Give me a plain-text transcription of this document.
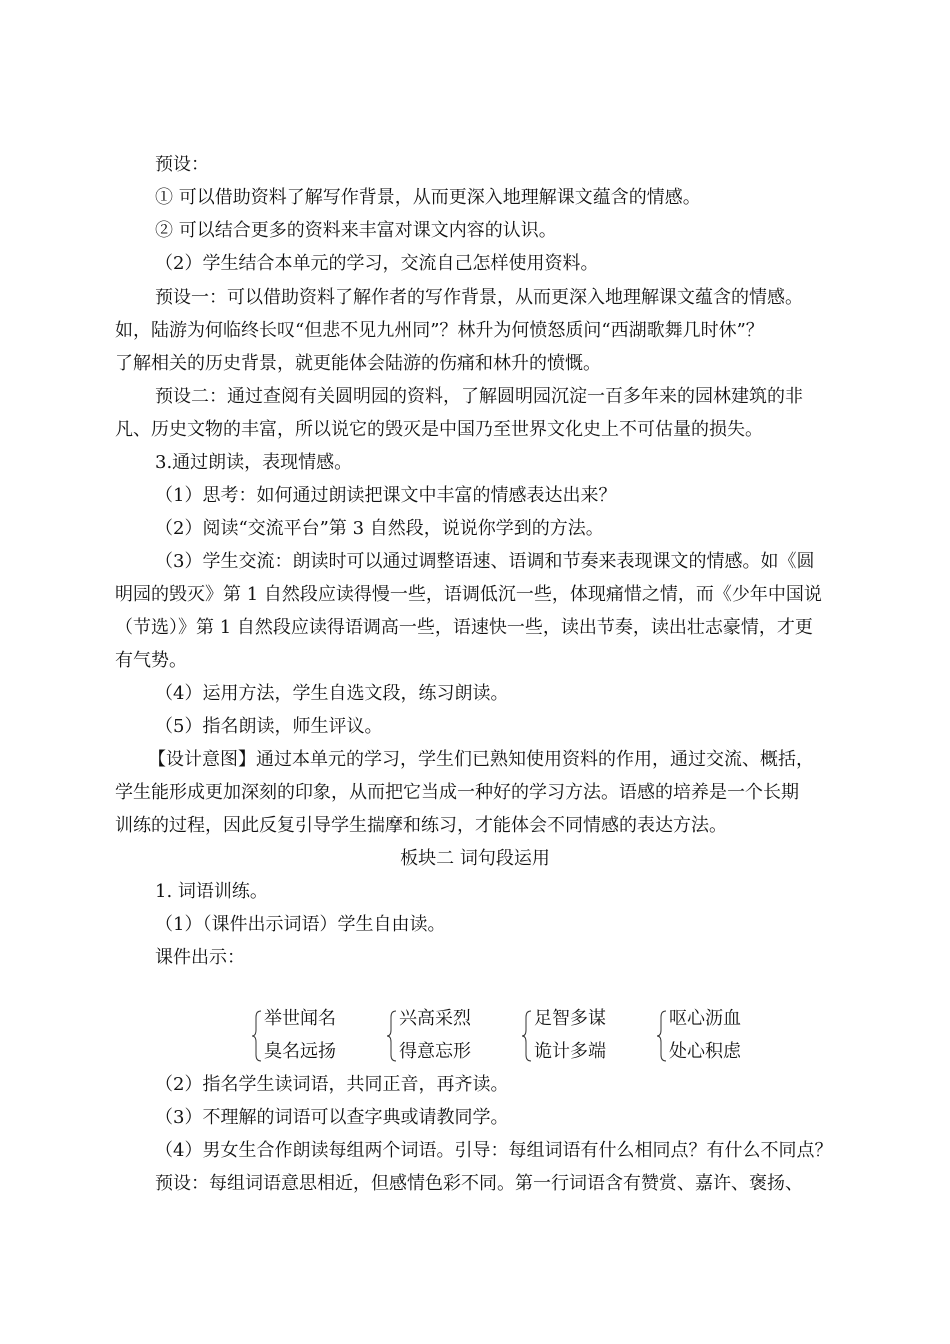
预设：
① 可以借助资料了解写作背景，从而更深入地理解课文蕴含的情感。
② 可以结合更多的资料来丰富对课文内容的认识。
（2）学生结合本单元的学习，交流自己怎样使用资料。
预设一：可以借助资料了解作者的写作背景，从而更深入地理解课文蕴含的情感。
如，陆游为何临终长叹“但悲不见九州同”？林升为何愤怒质问“西湖歌舞几时休”？
了解相关的历史背景，就更能体会陆游的伤痛和林升的愤慨。
预设二：通过查阅有关圆明园的资料，了解圆明园沉淀一百多年来的园林建筑的非
凡、历史文物的丰富，所以说它的毁灭是中国乃至世界文化史上不可估量的损失。
3.通过朗读，表现情感。
（1）思考：如何通过朗读把课文中丰富的情感表达出来？
（2）阅读“交流平台”第 3 自然段，说说你学到的方法。
（3）学生交流：朗读时可以通过调整语速、语调和节奏来表现课文的情感。如《圆
明园的毁灭》第 1 自然段应读得慢一些，语调低沉一些，体现痛惜之情，而《少年中国说
（节选）》第 1 自然段应读得语调高一些，语速快一些，读出节奏，读出壮志豪情，才更
有气势。
（4）运用方法，学生自选文段，练习朗读。
（5）指名朗读，师生评议。
【设计意图】通过本单元的学习，学生们已熟知使用资料的作用，通过交流、概括，
学生能形成更加深刻的印象，从而把它当成一种好的学习方法。语感的培养是一个长期
训练的过程，因此反复引导学生揣摩和练习，才能体会不同情感的表达方法。
板块二 词句段运用
1. 词语训练。
（1）（课件出示词语）学生自由读。
课件出示：
举世闻名
臭名远扬
兴高采烈
得意忘形
足智多谋
诡计多端
呕心沥血
处心积虑
（2）指名学生读词语，共同正音，再齐读。
（3）不理解的词语可以查字典或请教同学。
（4）男女生合作朗读每组两个词语。引导：每组词语有什么相同点？有什么不同点？
预设：每组词语意思相近，但感情色彩不同。第一行词语含有赞赏、嘉许、褒扬、
